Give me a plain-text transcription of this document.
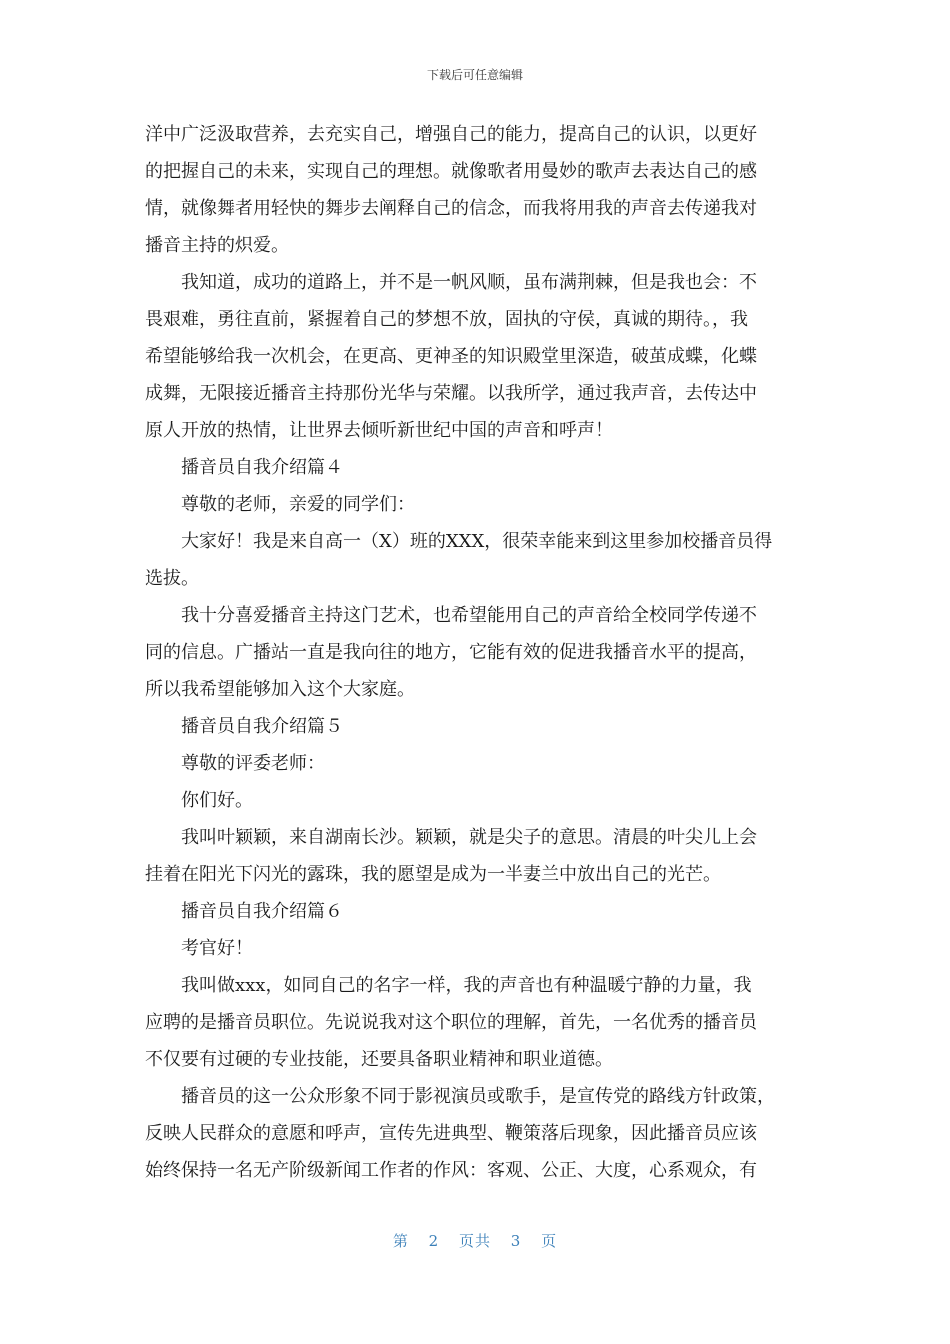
下载后可任意编辑
洋中广泛汲取营养，去充实自己，增强自己的能力，提高自己的认识，以更好
的把握自己的未来，实现自己的理想。就像歌者用曼妙的歌声去表达自己的感
情，就像舞者用轻快的舞步去阐释自己的信念，而我将用我的声音去传递我对
播音主持的炽爱。
我知道，成功的道路上，并不是一帆风顺，虽布满荆棘，但是我也会：不
畏艰难，勇往直前，紧握着自己的梦想不放，固执的守侯，真诚的期待。，我
希望能够给我一次机会，在更高、更神圣的知识殿堂里深造，破茧成蝶，化蝶
成舞，无限接近播音主持那份光华与荣耀。以我所学，通过我声音，去传达中
原人开放的热情，让世界去倾听新世纪中国的声音和呼声！
播音员自我介绍篇４
尊敬的老师，亲爱的同学们：
大家好！我是来自高一（X）班的XXX，很荣幸能来到这里参加校播音员得
选拔。
我十分喜爱播音主持这门艺术，也希望能用自己的声音给全校同学传递不
同的信息。广播站一直是我向往的地方，它能有效的促进我播音水平的提高，
所以我希望能够加入这个大家庭。
播音员自我介绍篇５
尊敬的评委老师：
你们好。
我叫叶颖颖，来自湖南长沙。颖颖，就是尖子的意思。清晨的叶尖儿上会
挂着在阳光下闪光的露珠，我的愿望是成为一半妻兰中放出自己的光芒。
播音员自我介绍篇６
考官好！
我叫做xxx，如同自己的名字一样，我的声音也有种温暖宁静的力量，我
应聘的是播音员职位。先说说我对这个职位的理解，首先，一名优秀的播音员
不仅要有过硬的专业技能，还要具备职业精神和职业道德。
播音员的这一公众形象不同于影视演员或歌手，是宣传党的路线方针政策，
反映人民群众的意愿和呼声，宣传先进典型、鞭策落后现象，因此播音员应该
始终保持一名无产阶级新闻工作者的作风：客观、公正、大度，心系观众，有
第 2 页共 3 页
